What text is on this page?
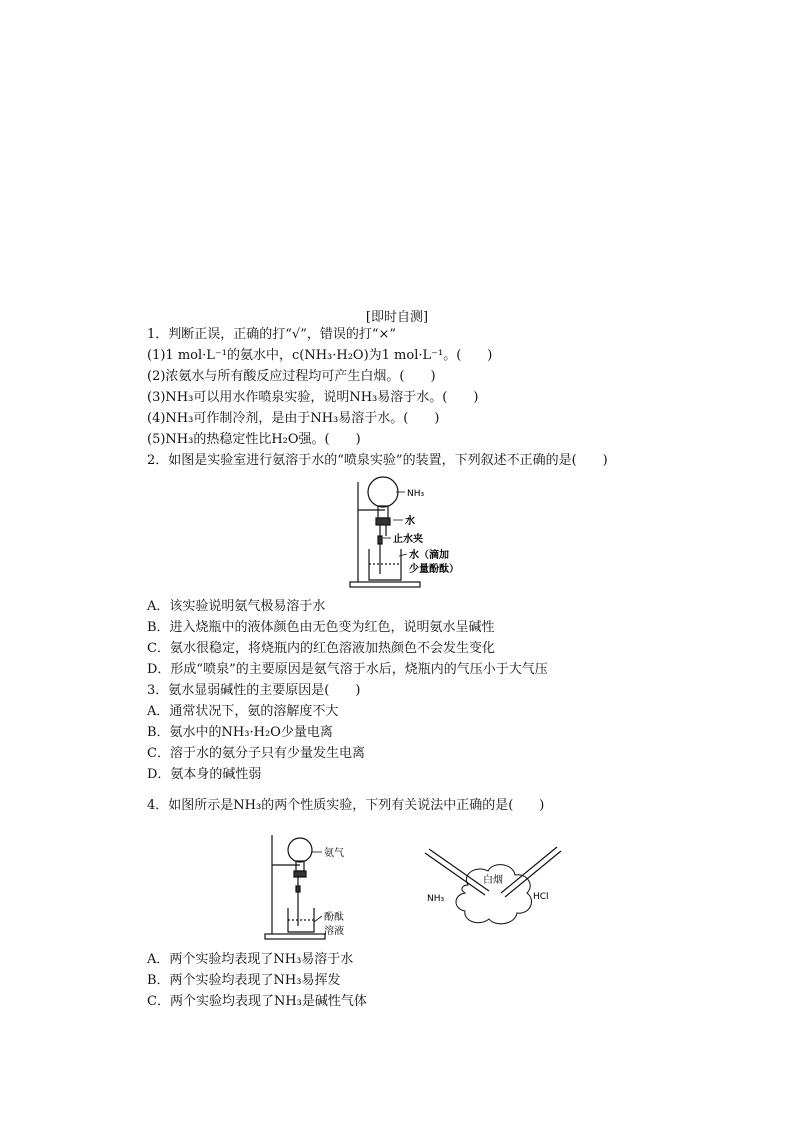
[即时自测]
1．判断正误，正确的打“√”，错误的打“×”
(1)1 mol·L⁻¹的氨水中，c(NH₃·H₂O)为1 mol·L⁻¹。(　　)
(2)浓氨水与所有酸反应过程均可产生白烟。(　　)
(3)NH₃可以用水作喷泉实验，说明NH₃易溶于水。(　　)
(4)NH₃可作制冷剂，是由于NH₃易溶于水。(　　)
(5)NH₃的热稳定性比H₂O强。(　　)
2．如图是实验室进行氨溶于水的“喷泉实验”的装置，下列叙述不正确的是(　　)
NH₃
水
止水夹
水（滴加
少量酚酞）
A．该实验说明氨气极易溶于水
B．进入烧瓶中的液体颜色由无色变为红色，说明氨水呈碱性
C．氨水很稳定，将烧瓶内的红色溶液加热颜色不会发生变化
D．形成“喷泉”的主要原因是氨气溶于水后，烧瓶内的气压小于大气压
3．氨水显弱碱性的主要原因是(　　)
A．通常状况下，氨的溶解度不大
B．氨水中的NH₃·H₂O少量电离
C．溶于水的氨分子只有少量发生电离
D．氨本身的碱性弱
4．如图所示是NH₃的两个性质实验，下列有关说法中正确的是(　　)
氨气
酚酞
溶液
白烟
NH₃	HCl
A．两个实验均表现了NH₃易溶于水
B．两个实验均表现了NH₃易挥发
C．两个实验均表现了NH₃是碱性气体
